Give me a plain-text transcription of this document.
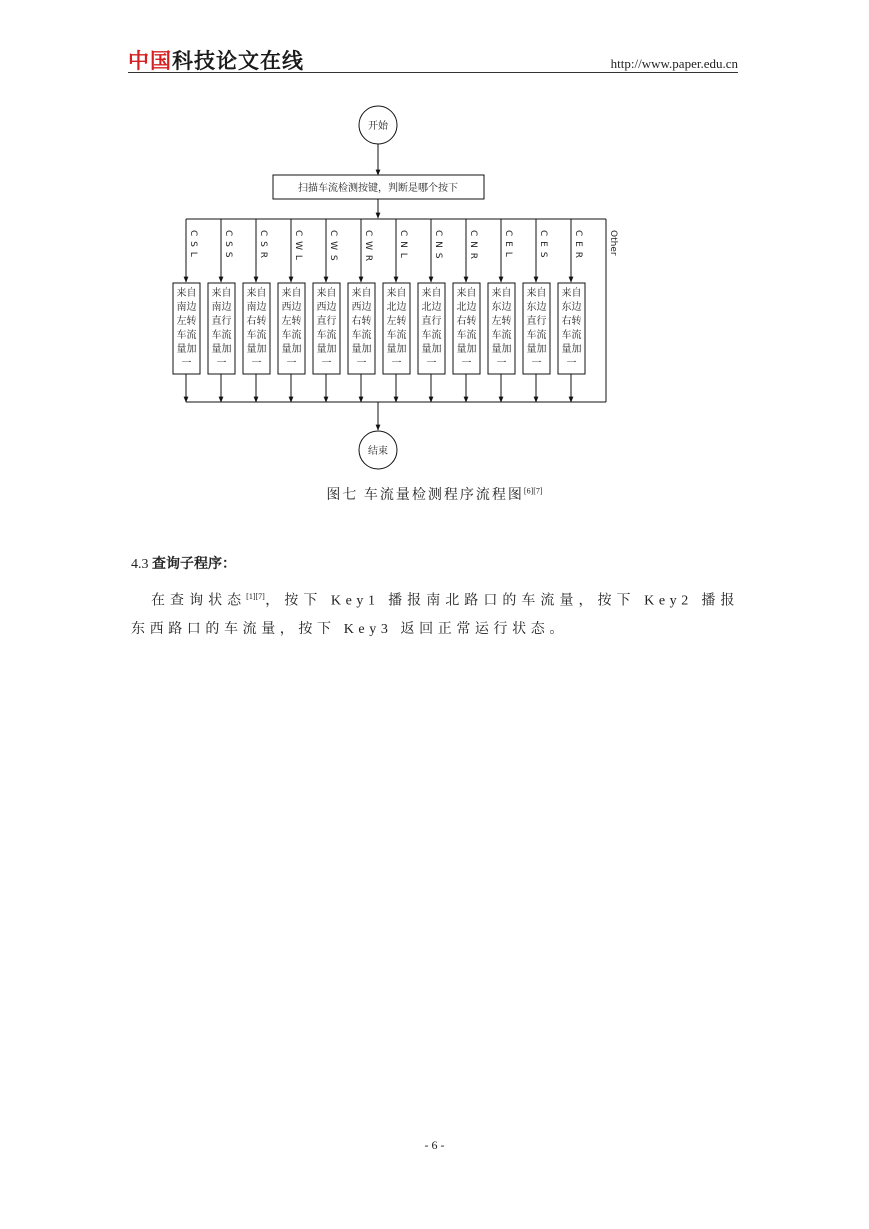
中国科技论文在线	http://www.paper.edu.cn
开始
扫描车流检测按键，判断是哪个按下
C S L
来自
南边
左转
车流
量加
一
C S S
来自
南边
直行
车流
量加
一
C S R
来自
南边
右转
车流
量加
一
C W L
来自
西边
左转
车流
量加
一
C W S
来自
西边
直行
车流
量加
一
C W R
来自
西边
右转
车流
量加
一
C N L
来自
北边
左转
车流
量加
一
C N S
来自
北边
直行
车流
量加
一
C N R
来自
北边
右转
车流
量加
一
C E L
来自
东边
左转
车流
量加
一
C E S
来自
东边
直行
车流
量加
一
C E R
来自
东边
右转
车流
量加
一
Other
结束
图七 车流量检测程序流程图[6][7]
4.3 查询子程序：
在查询状态[1][7]，按下 Key1 播报南北路口的车流量，按下 Key2 播报东西路口的车流量，按下 Key3 返回正常运行状态。
- 6 -
